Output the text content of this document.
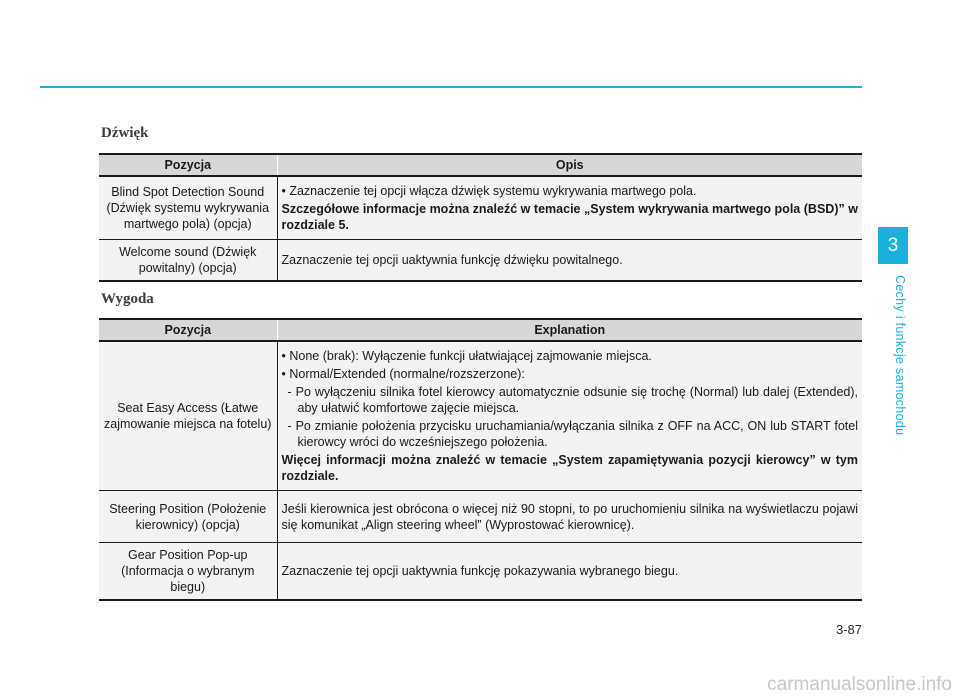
Dźwięk
Pozycja	Opis
Blind Spot Detection Sound (Dźwięk systemu wykrywania martwego pola) (opcja)	• Zaznaczenie tej opcji włącza dźwięk systemu wykrywania martwego pola.
Szczegółowe informacje można znaleźć w temacie „System wykrywania martwego pola (BSD)” w rozdziale 5.

Welcome sound (Dźwięk powitalny) (opcja)	Zaznaczenie tej opcji uaktywnia funkcję dźwięku powitalnego.
Wygoda
Pozycja	Explanation
Seat Easy Access (Łatwe zajmowanie miejsca na fotelu)	• None (brak): Wyłączenie funkcji ułatwiającej zajmowanie miejsca.
• Normal/Extended (normalne/rozszerzone):
- Po wyłączeniu silnika fotel kierowcy automatycznie odsunie się trochę (Normal) lub dalej (Extended), aby ułatwić komfortowe zajęcie miejsca.
- Po zmianie położenia przycisku uruchamiania/wyłączania silnika z OFF na ACC, ON lub START fotel kierowcy wróci do wcześniejszego położenia.
Więcej informacji można znaleźć w temacie „System zapamiętywania pozycji kierowcy” w tym rozdziale.

Steering Position (Położenie kierownicy) (opcja)	Jeśli kierownica jest obrócona o więcej niż 90 stopni, to po uruchomieniu silnika na wyświetlaczu pojawi się komunikat „Align steering wheel” (Wyprostować kierownicę).

Gear Position Pop-up (Informacja o wybranym biegu)	Zaznaczenie tej opcji uaktywnia funkcję pokazywania wybranego biegu.
3
Cechy i funkcje samochodu
3-87
carmanualsonline.info
